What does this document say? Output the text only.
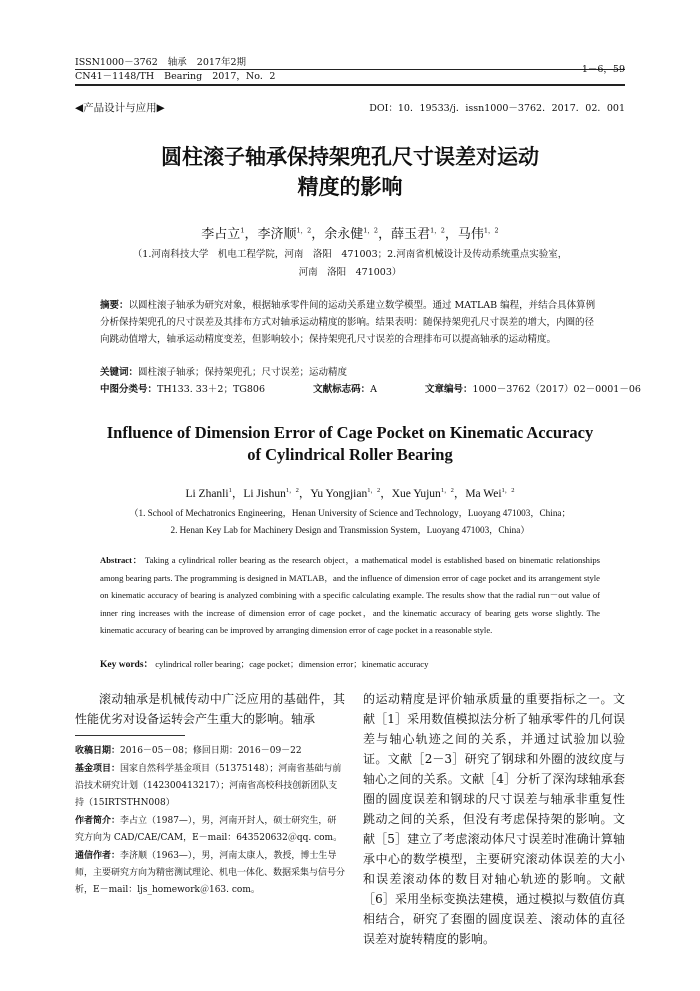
ISSN1000－3762 轴承 2017年2期
CN41－1148/TH Bearing 2017，No．2
1－6，59
◀产品设计与应用▶	DOI：10．19533/j．issn1000－3762．2017．02．001
圆柱滚子轴承保持架兜孔尺寸误差对运动
精度的影响
李占立$^1$，李济顺$^{1,2}$，余永健$^{1,2}$，薛玉君$^{1,2}$，马伟$^{1,2}$
（1.河南科技大学　机电工程学院，河南　洛阳　471003；2.河南省机械设计及传动系统重点实验室，
河南　洛阳　471003）
摘要：以圆柱滚子轴承为研究对象，根据轴承零件间的运动关系建立数学模型。通过 MATLAB 编程，并结合具体算例分析保持架兜孔的尺寸误差及其排布方式对轴承运动精度的影响。结果表明：随保持架兜孔尺寸误差的增大，内圈的径向跳动值增大，轴承运动精度变差，但影响较小；保持架兜孔尺寸误差的合理排布可以提高轴承的运动精度。
关键词：圆柱滚子轴承；保持架兜孔；尺寸误差；运动精度
中图分类号：TH133. 33＋2；TG806	文献标志码：A	文章编号：1000－3762（2017）02－0001－06
Influence of Dimension Error of Cage Pocket on Kinematic Accuracy
of Cylindrical Roller Bearing
Li Zhanli$^1$，Li Jishun$^{1,2}$，Yu Yongjian$^{1,2}$，Xue Yujun$^{1,2}$，Ma Wei$^{1,2}$
（1. School of Mechatronics Engineering，Henan University of Science and Technology，Luoyang 471003，China；
2. Henan Key Lab for Machinery Design and Transmission System，Luoyang 471003，China）
Abstract： Taking a cylindrical roller bearing as the research object，a mathematical model is established based on binematic relationships among bearing parts. The programming is designed in MATLAB，and the influence of dimension error of cage pocket and its arrangement style on kinematic accuracy of bearing is analyzed combining with a specific calculating example. The results show that the radial run－out value of inner ring increases with the increase of dimension error of cage pocket，and the kinematic accuracy of bearing gets worse slightly. The kinematic accuracy of bearing can be improved by arranging dimension error of cage pocket in a reasonable style.
Key words： cylindrical roller bearing；cage pocket；dimension error；kinematic accuracy
滚动轴承是机械传动中广泛应用的基础件，其性能优劣对设备运转会产生重大的影响。轴承
的运动精度是评价轴承质量的重要指标之一。文献［1］采用数值模拟法分析了轴承零件的几何误差与轴心轨迹之间的关系，并通过试验加以验证。文献［2－3］研究了钢球和外圈的波纹度与轴心之间的关系。文献［4］分析了深沟球轴承套圈的圆度误差和钢球的尺寸误差与轴承非重复性跳动之间的关系，但没有考虑保持架的影响。文献［5］建立了考虑滚动体尺寸误差时准确计算轴承中心的数学模型，主要研究滚动体误差的大小和误差滚动体的数目对轴心轨迹的影响。文献［6］采用坐标变换法建模，通过模拟与数值仿真相结合，研究了套圈的圆度误差、滚动体的直径误差对旋转精度的影响。

收稿日期：2016－05－08；修回日期：2016－09－22

基金项目：国家自然科学基金项目（51375148）；河南省基础与前沿技术研究计划（142300413217）；河南省高校科技创新团队支持（15IRTSTHN008）

作者简介：李占立（1987—），男，河南开封人，硕士研究生，研究方向为 CAD/CAE/CAM，E－mail：643520632＠qq. com。

通信作者：李济顺（1963—），男，河南太康人，教授，博士生导师，主要研究方向为精密测试理论、机电一体化、数据采集与信号分析，E－mail：ljs_homework＠163. com。
